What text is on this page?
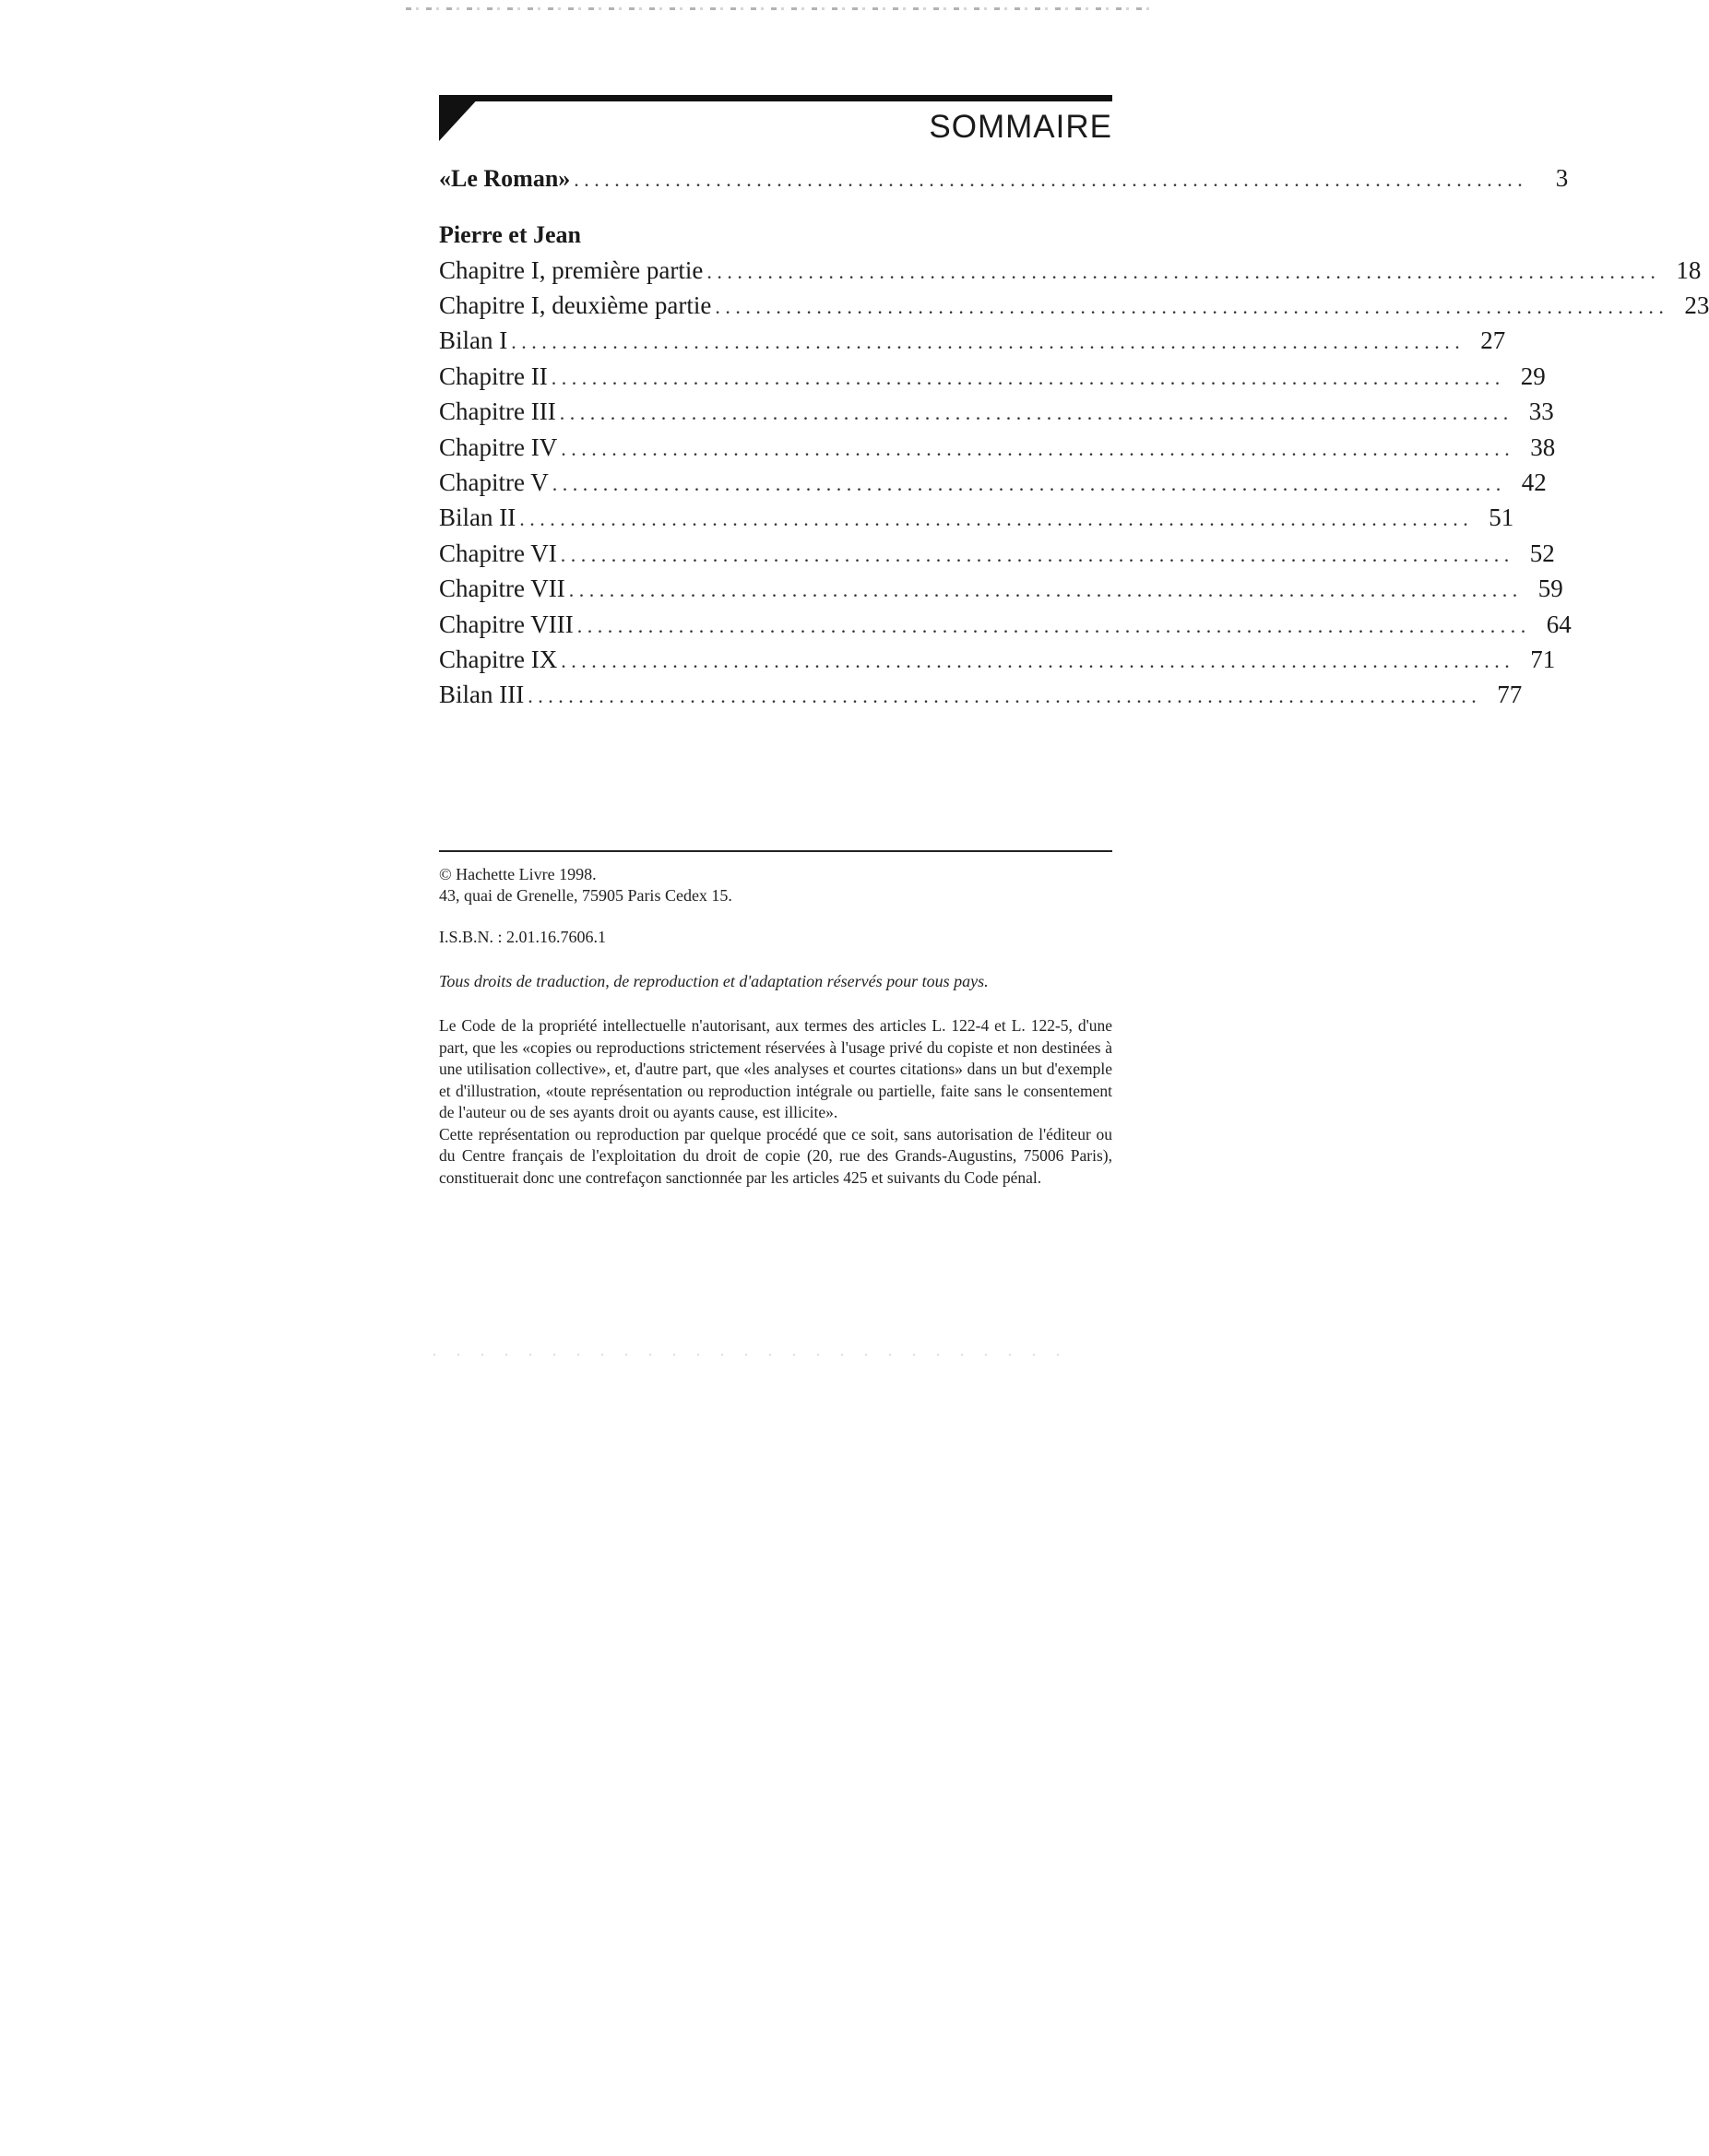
SOMMAIRE
«Le Roman» ..............................................................................................	3
Pierre et Jean
Chapitre I, première partie .............................................................................................. 18
Chapitre I, deuxième partie .............................................................................................. 23
Bilan I .............................................................................................. 27
Chapitre II .............................................................................................. 29
Chapitre III .............................................................................................. 33
Chapitre IV .............................................................................................. 38
Chapitre V .............................................................................................. 42
Bilan II .............................................................................................. 51
Chapitre VI .............................................................................................. 52
Chapitre VII .............................................................................................. 59
Chapitre VIII .............................................................................................. 64
Chapitre IX .............................................................................................. 71
Bilan III .............................................................................................. 77
© Hachette Livre 1998.
43, quai de Grenelle, 75905 Paris Cedex 15.
I.S.B.N. : 2.01.16.7606.1
Tous droits de traduction, de reproduction et d'adaptation réservés pour tous pays.

Le Code de la propriété intellectuelle n'autorisant, aux termes des articles L. 122-4 et L. 122-5, d'une part, que les «copies ou reproductions strictement réservées à l'usage privé du copiste et non destinées à une utilisation collective», et, d'autre part, que «les analyses et courtes citations» dans un but d'exemple et d'illustration, «toute représentation ou reproduction intégrale ou partielle, faite sans le consentement de l'auteur ou de ses ayants droit ou ayants cause, est illicite».

Cette représentation ou reproduction par quelque procédé que ce soit, sans autorisation de l'éditeur ou du Centre français de l'exploitation du droit de copie (20, rue des Grands-Augustins, 75006 Paris), constituerait donc une contrefaçon sanctionnée par les articles 425 et suivants du Code pénal.
